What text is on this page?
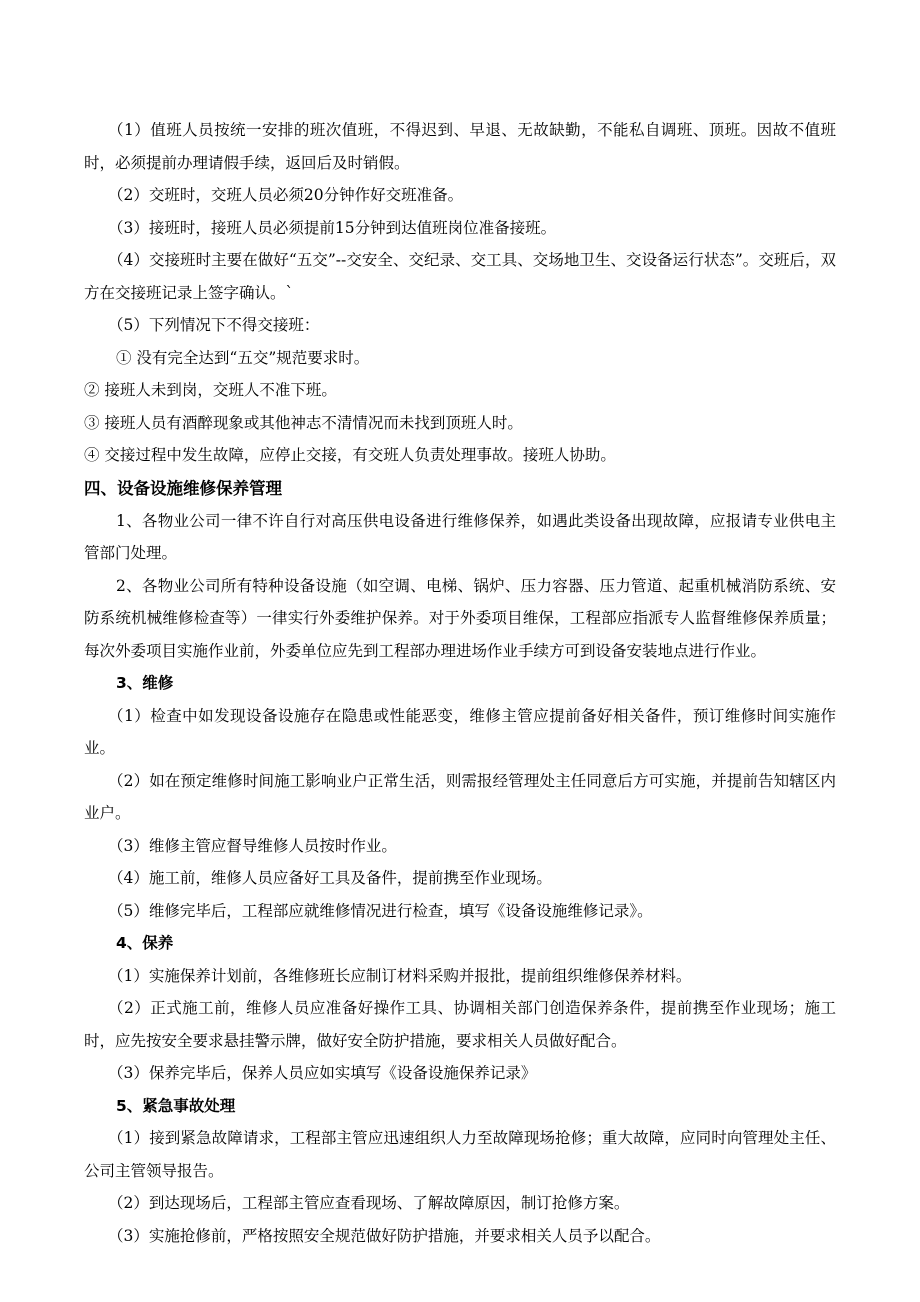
（1）值班人员按统一安排的班次值班，不得迟到、早退、无故缺勤，不能私自调班、顶班。因故不值班时，必须提前办理请假手续，返回后及时销假。

（2）交班时，交班人员必须20分钟作好交班准备。

（3）接班时，接班人员必须提前15分钟到达值班岗位准备接班。

（4）交接班时主要在做好“五交”--交安全、交纪录、交工具、交场地卫生、交设备运行状态”。交班后，双方在交接班记录上签字确认。`

（5）下列情况下不得交接班：

① 没有完全达到“五交”规范要求时。

② 接班人未到岗，交班人不准下班。

③ 接班人员有酒醉现象或其他神志不清情况而未找到顶班人时。

④ 交接过程中发生故障，应停止交接，有交班人负责处理事故。接班人协助。

四、设备设施维修保养管理

1、各物业公司一律不许自行对高压供电设备进行维修保养，如遇此类设备出现故障，应报请专业供电主管部门处理。

2、各物业公司所有特种设备设施（如空调、电梯、锅炉、压力容器、压力管道、起重机械消防系统、安防系统机械维修检查等）一律实行外委维护保养。对于外委项目维保，工程部应指派专人监督维修保养质量；每次外委项目实施作业前，外委单位应先到工程部办理进场作业手续方可到设备安装地点进行作业。

3、维修

（1）检查中如发现设备设施存在隐患或性能恶变，维修主管应提前备好相关备件，预订维修时间实施作业。

（2）如在预定维修时间施工影响业户正常生活，则需报经管理处主任同意后方可实施，并提前告知辖区内业户。

（3）维修主管应督导维修人员按时作业。

（4）施工前，维修人员应备好工具及备件，提前携至作业现场。

（5）维修完毕后，工程部应就维修情况进行检查，填写《设备设施维修记录》。

4、保养

（1）实施保养计划前，各维修班长应制订材料采购并报批，提前组织维修保养材料。

（2）正式施工前，维修人员应准备好操作工具、协调相关部门创造保养条件，提前携至作业现场；施工时，应先按安全要求悬挂警示牌，做好安全防护措施，要求相关人员做好配合。

（3）保养完毕后，保养人员应如实填写《设备设施保养记录》

5、紧急事故处理

（1）接到紧急故障请求，工程部主管应迅速组织人力至故障现场抢修；重大故障，应同时向管理处主任、公司主管领导报告。

（2）到达现场后，工程部主管应查看现场、了解故障原因，制订抢修方案。

（3）实施抢修前，严格按照安全规范做好防护措施，并要求相关人员予以配合。
